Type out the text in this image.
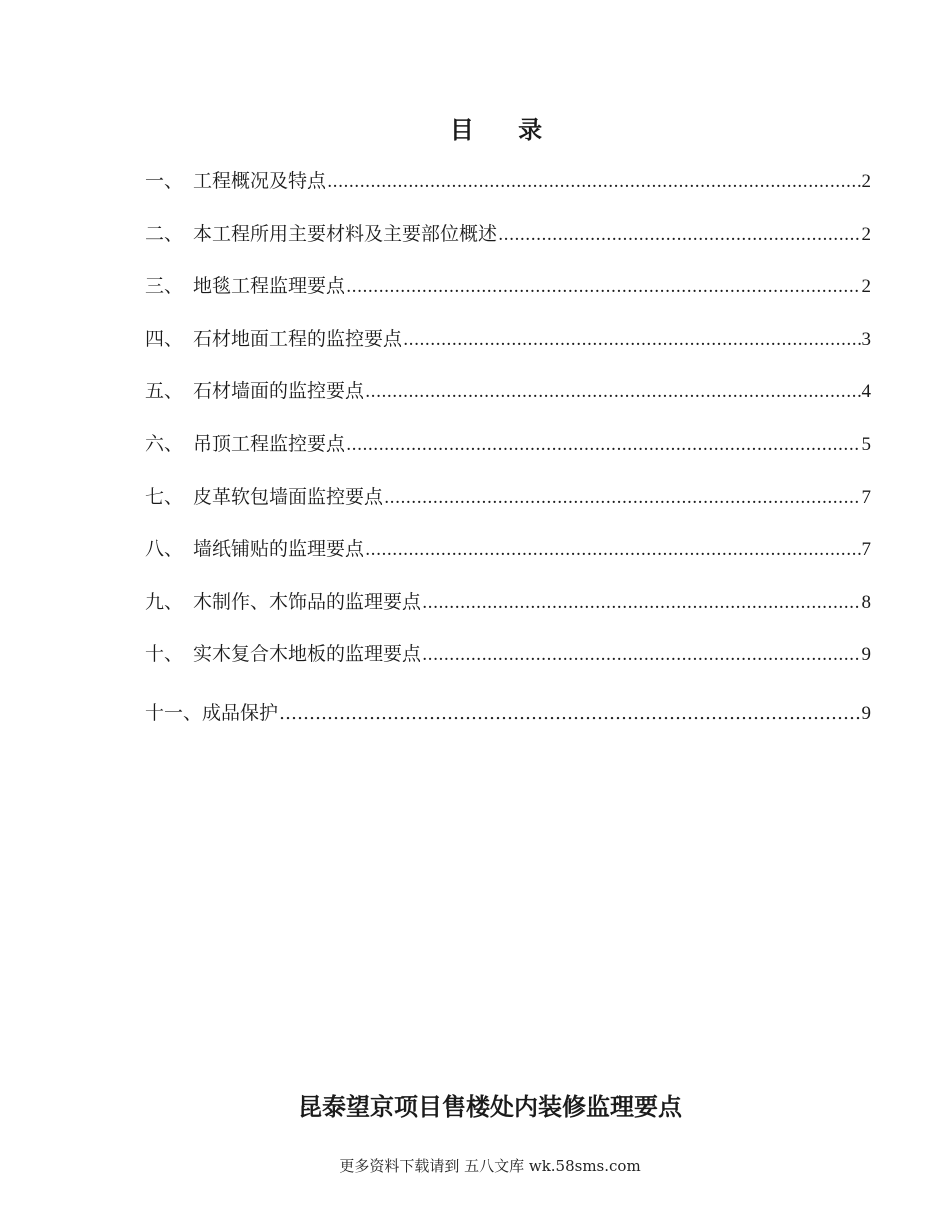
目 录
一、 工程概况及特点 .....	2
二、 本工程所用主要材料及主要部位概述 .....	2
三、 地毯工程监理要点 .....	2
四、 石材地面工程的监控要点 .....	3
五、 石材墙面的监控要点 .....	4
六、 吊顶工程监控要点 .....	5
七、 皮革软包墙面监控要点 .....	7
八、 墙纸铺贴的监理要点 .....	7
九、 木制作、木饰品的监理要点 .....	8
十、 实木复合木地板的监理要点 .....	9
十一、 成品保护 ………………………………………………………………………………………………………………	9
昆泰望京项目售楼处内装修监理要点
更多资料下载请到 五八文库 wk.58sms.com
